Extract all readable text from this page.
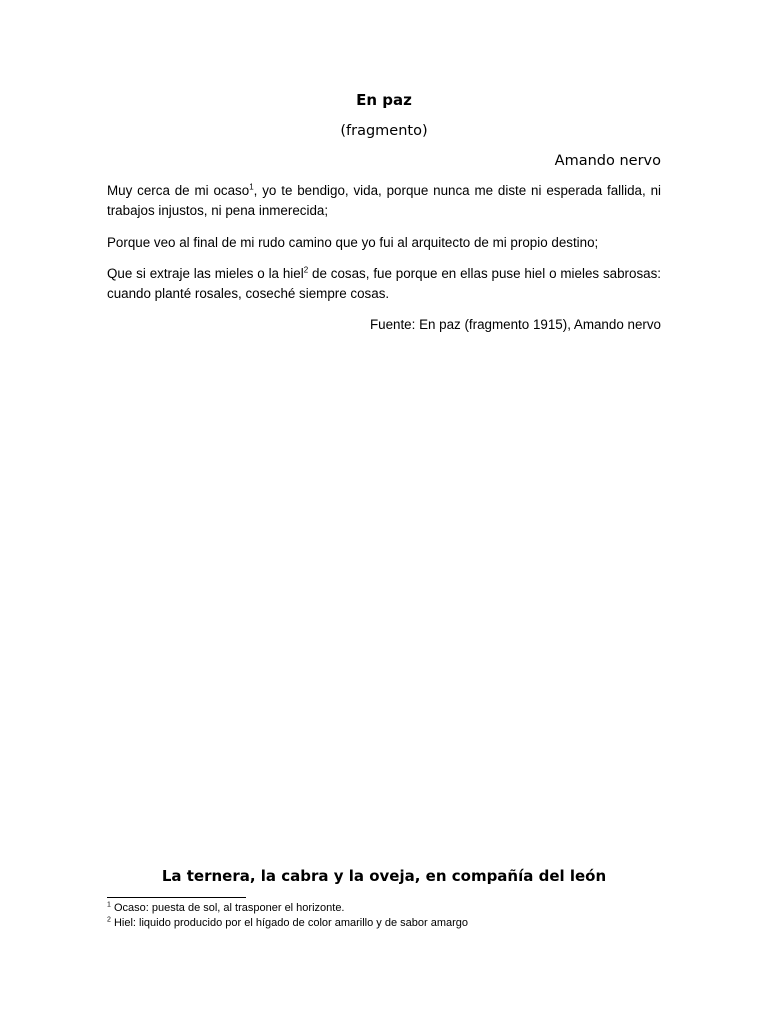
En paz
(fragmento)
Amando nervo

Muy cerca de mi ocaso$^1$, yo te bendigo, vida, porque nunca me diste ni esperada fallida, ni trabajos injustos, ni pena inmerecida;

Porque veo al final de mi rudo camino que yo fui al arquitecto de mi propio destino;

Que si extraje las mieles o la hiel$^2$ de cosas, fue porque en ellas puse hiel o mieles sabrosas: cuando planté rosales, coseché siempre cosas.

Fuente: En paz (fragmento 1915), Amando nervo
La ternera, la cabra y la oveja, en compañía del león
$^1$ Ocaso: puesta de sol, al trasponer el horizonte.
$^2$ Hiel: liquido producido por el hígado de color amarillo y de sabor amargo
